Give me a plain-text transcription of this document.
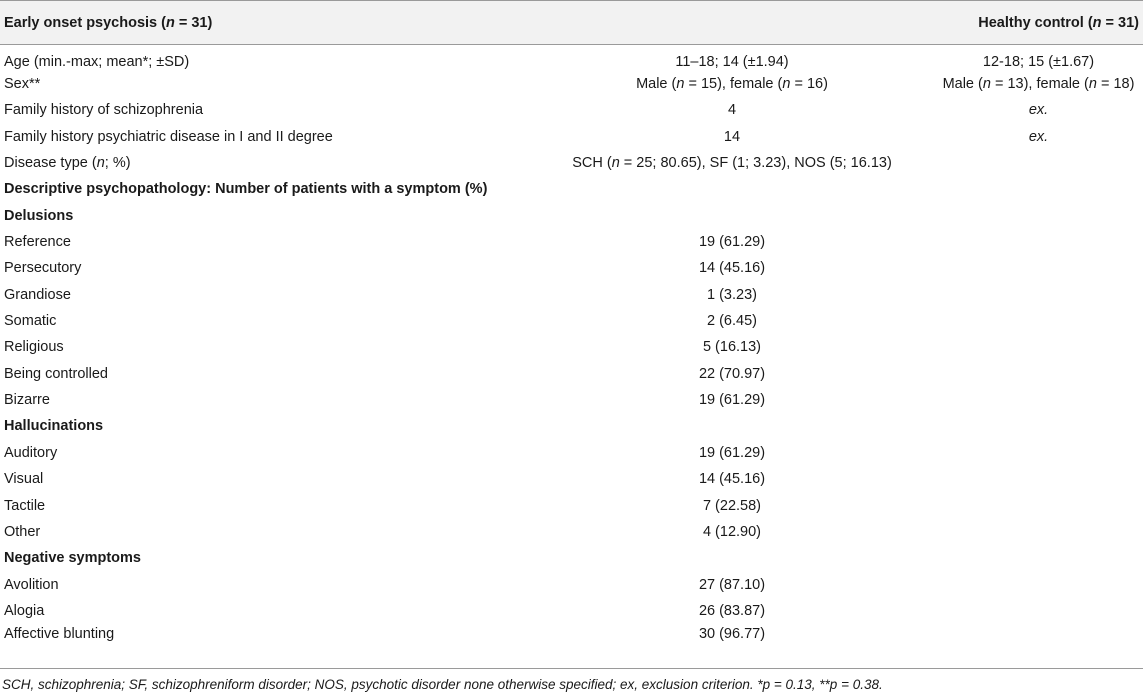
Early onset psychosis (n = 31)		Healthy control (n = 31)
Age (min.-max; mean*; ±SD)	11–18; 14 (±1.94)	12-18; 15 (±1.67)
Sex**	Male (n = 15), female (n = 16)	Male (n = 13), female (n = 18)
Family history of schizophrenia	4	ex.
Family history psychiatric disease in I and II degree	14	ex.
Disease type (n; %)	SCH (n = 25; 80.65), SF (1; 3.23), NOS (5; 16.13)	
Descriptive psychopathology: Number of patients with a symptom (%)		
Delusions		
Reference	19 (61.29)	
Persecutory	14 (45.16)	
Grandiose	1 (3.23)	
Somatic	2 (6.45)	
Religious	5 (16.13)	
Being controlled	22 (70.97)	
Bizarre	19 (61.29)	
Hallucinations		
Auditory	19 (61.29)	
Visual	14 (45.16)	
Tactile	7 (22.58)	
Other	4 (12.90)	
Negative symptoms		
Avolition	27 (87.10)	
Alogia	26 (83.87)	
Affective blunting	30 (96.77)	
SCH, schizophrenia; SF, schizophreniform disorder; NOS, psychotic disorder none otherwise specified; ex, exclusion criterion. *p = 0.13, **p = 0.38.
